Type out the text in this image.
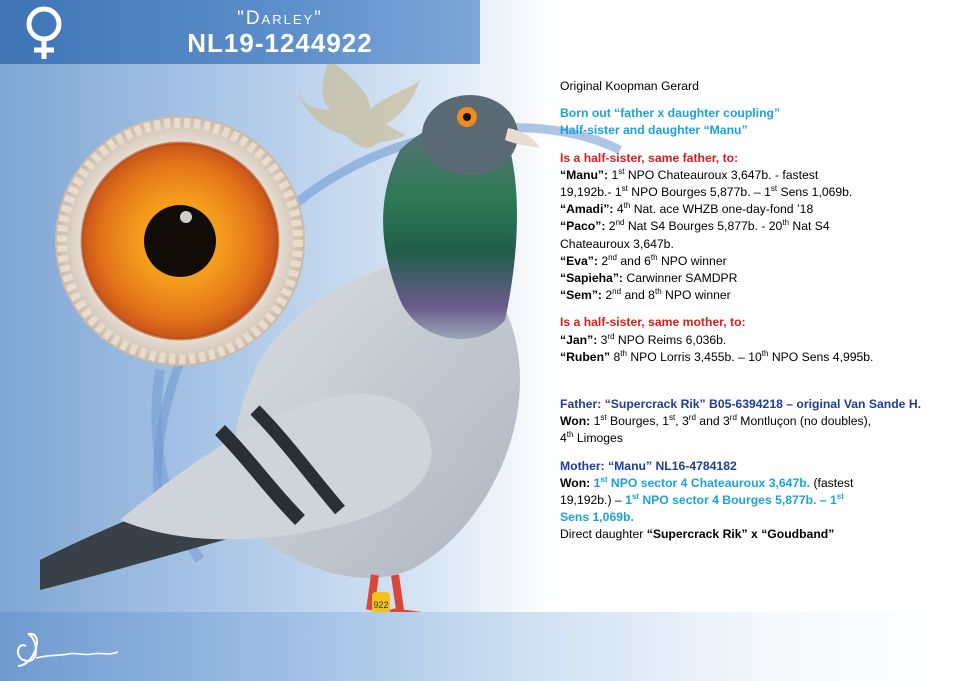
922
"Darley"
NL19-1244922

Original Koopman Gerard

Born out “father x daughter coupling”

Half-sister and daughter “Manu”

Is a half-sister, same father, to:

“Manu”: 1st NPO Chateauroux 3,647b. - fastest

19,192b.- 1st NPO Bourges 5,877b. – 1st Sens 1,069b.

“Amadi”: 4th Nat. ace WHZB one-day-fond ’18

“Paco”: 2nd Nat S4 Bourges 5,877b. - 20th Nat S4

Chateauroux 3,647b.

“Eva”: 2nd and 6th NPO winner

“Sapieha”: Carwinner SAMDPR

“Sem”: 2nd and 8th NPO winner

Is a half-sister, same mother, to:

“Jan”: 3rd NPO Reims 6,036b.

“Ruben” 8th NPO Lorris 3,455b. – 10th NPO Sens 4,995b.

Father: “Supercrack Rik” B05-6394218 – original Van Sande H.

Won: 1st Bourges, 1st, 3rd and 3rd Montluçon (no doubles),

4th Limoges

Mother: “Manu” NL16-4784182

Won: 1st NPO sector 4 Chateauroux 3,647b. (fastest

19,192b.) – 1st NPO sector 4 Bourges 5,877b. – 1st

Sens 1,069b.

Direct daughter “Supercrack Rik” x “Goudband”
